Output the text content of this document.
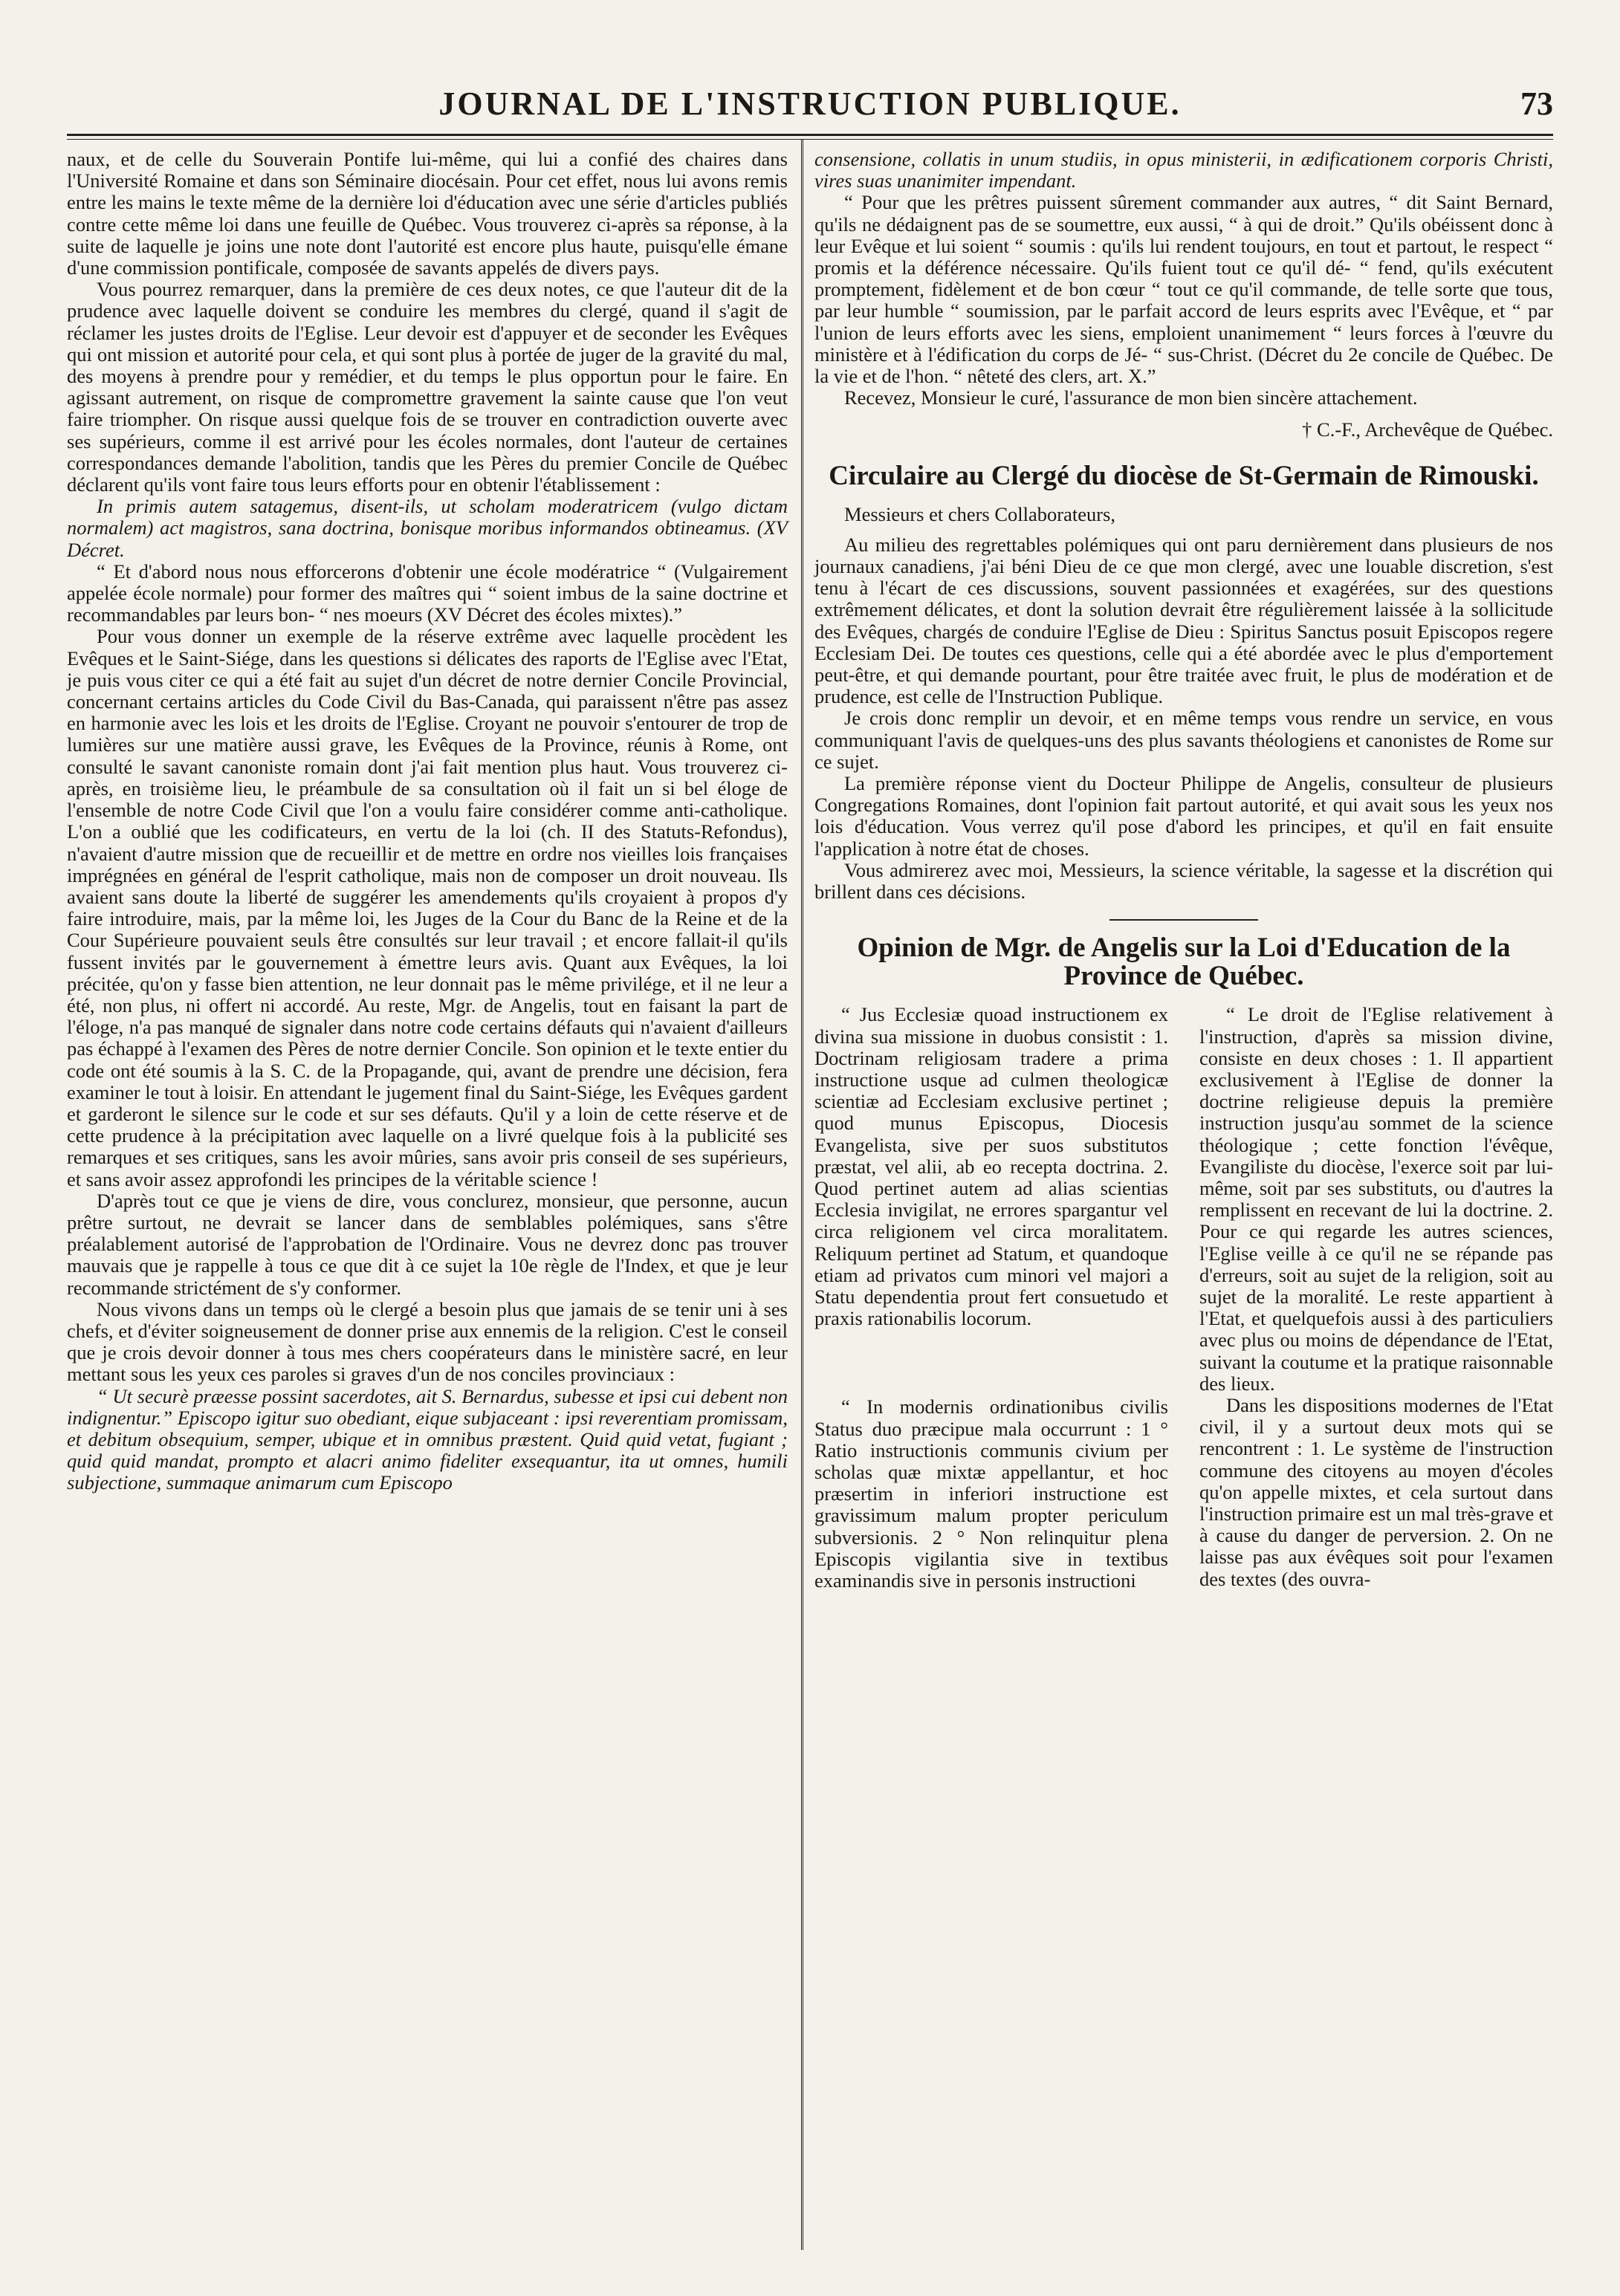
JOURNAL DE L'INSTRUCTION PUBLIQUE.	73

naux, et de celle du Souverain Pontife lui-même, qui lui a confié des chaires dans l'Université Romaine et dans son Séminaire diocésain. Pour cet effet, nous lui avons remis entre les mains le texte même de la dernière loi d'éducation avec une série d'articles publiés contre cette même loi dans une feuille de Québec. Vous trouverez ci-après sa réponse, à la suite de laquelle je joins une note dont l'autorité est encore plus haute, puisqu'elle émane d'une commission pontificale, composée de savants appelés de divers pays.

Vous pourrez remarquer, dans la première de ces deux notes, ce que l'auteur dit de la prudence avec laquelle doivent se conduire les membres du clergé, quand il s'agit de réclamer les justes droits de l'Eglise. Leur devoir est d'appuyer et de seconder les Evêques qui ont mission et autorité pour cela, et qui sont plus à portée de juger de la gravité du mal, des moyens à prendre pour y remédier, et du temps le plus opportun pour le faire. En agissant autrement, on risque de compromettre gravement la sainte cause que l'on veut faire triompher. On risque aussi quelque fois de se trouver en contradiction ouverte avec ses supérieurs, comme il est arrivé pour les écoles normales, dont l'auteur de certaines correspondances demande l'abolition, tandis que les Pères du premier Concile de Québec déclarent qu'ils vont faire tous leurs efforts pour en obtenir l'établissement :

In primis autem satagemus, disent-ils, ut scholam moderatricem (vulgo dictam normalem) act magistros, sana doctrina, bonisque moribus informandos obtineamus. (XV Décret.

“ Et d'abord nous nous efforcerons d'obtenir une école modératrice “ (Vulgairement appelée école normale) pour former des maîtres qui “ soient imbus de la saine doctrine et recommandables par leurs bon- “ nes moeurs (XV Décret des écoles mixtes).”

Pour vous donner un exemple de la réserve extrême avec laquelle procèdent les Evêques et le Saint-Siége, dans les questions si délicates des raports de l'Eglise avec l'Etat, je puis vous citer ce qui a été fait au sujet d'un décret de notre dernier Concile Provincial, concernant certains articles du Code Civil du Bas-Canada, qui paraissent n'être pas assez en harmonie avec les lois et les droits de l'Eglise. Croyant ne pouvoir s'entourer de trop de lumières sur une matière aussi grave, les Evêques de la Province, réunis à Rome, ont consulté le savant canoniste romain dont j'ai fait mention plus haut. Vous trouverez ci-après, en troisième lieu, le préambule de sa consultation où il fait un si bel éloge de l'ensemble de notre Code Civil que l'on a voulu faire considérer comme anti-catholique. L'on a oublié que les codificateurs, en vertu de la loi (ch. II des Statuts-Refondus), n'avaient d'autre mission que de recueillir et de mettre en ordre nos vieilles lois françaises imprégnées en général de l'esprit catholique, mais non de composer un droit nouveau. Ils avaient sans doute la liberté de suggérer les amendements qu'ils croyaient à propos d'y faire introduire, mais, par la même loi, les Juges de la Cour du Banc de la Reine et de la Cour Supérieure pouvaient seuls être consultés sur leur travail ; et encore fallait-il qu'ils fussent invités par le gouvernement à émettre leurs avis. Quant aux Evêques, la loi précitée, qu'on y fasse bien attention, ne leur donnait pas le même privilége, et il ne leur a été, non plus, ni offert ni accordé. Au reste, Mgr. de Angelis, tout en faisant la part de l'éloge, n'a pas manqué de signaler dans notre code certains défauts qui n'avaient d'ailleurs pas échappé à l'examen des Pères de notre dernier Concile. Son opinion et le texte entier du code ont été soumis à la S. C. de la Propagande, qui, avant de prendre une décision, fera examiner le tout à loisir. En attendant le jugement final du Saint-Siége, les Evêques gardent et garderont le silence sur le code et sur ses défauts. Qu'il y a loin de cette réserve et de cette prudence à la précipitation avec laquelle on a livré quelque fois à la publicité ses remarques et ses critiques, sans les avoir mûries, sans avoir pris conseil de ses supérieurs, et sans avoir assez approfondi les principes de la véritable science !

D'après tout ce que je viens de dire, vous conclurez, monsieur, que personne, aucun prêtre surtout, ne devrait se lancer dans de semblables polémiques, sans s'être préalablement autorisé de l'approbation de l'Ordinaire. Vous ne devrez donc pas trouver mauvais que je rappelle à tous ce que dit à ce sujet la 10e règle de l'Index, et que je leur recommande strictément de s'y conformer.

Nous vivons dans un temps où le clergé a besoin plus que jamais de se tenir uni à ses chefs, et d'éviter soigneusement de donner prise aux ennemis de la religion. C'est le conseil que je crois devoir donner à tous mes chers coopérateurs dans le ministère sacré, en leur mettant sous les yeux ces paroles si graves d'un de nos conciles provinciaux :

“ Ut securè præesse possint sacerdotes, ait S. Bernardus, subesse et ipsi cui debent non indignentur.” Episcopo igitur suo obediant, eique subjaceant : ipsi reverentiam promissam, et debitum obsequium, semper, ubique et in omnibus præstent. Quid quid vetat, fugiant ; quid quid mandat, prompto et alacri animo fideliter exsequantur, ita ut omnes, humili subjectione, summaque animarum cum Episcopo

consensione, collatis in unum studiis, in opus ministerii, in ædificationem corporis Christi, vires suas unanimiter impendant.

“ Pour que les prêtres puissent sûrement commander aux autres, “ dit Saint Bernard, qu'ils ne dédaignent pas de se soumettre, eux aussi, “ à qui de droit.” Qu'ils obéissent donc à leur Evêque et lui soient “ soumis : qu'ils lui rendent toujours, en tout et partout, le respect “ promis et la déférence nécessaire. Qu'ils fuient tout ce qu'il dé- “ fend, qu'ils exécutent promptement, fidèlement et de bon cœur “ tout ce qu'il commande, de telle sorte que tous, par leur humble “ soumission, par le parfait accord de leurs esprits avec l'Evêque, et “ par l'union de leurs efforts avec les siens, emploient unanimement “ leurs forces à l'œuvre du ministère et à l'édification du corps de Jé- “ sus-Christ. (Décret du 2e concile de Québec. De la vie et de l'hon. “ nêteté des clers, art. X.”

Recevez, Monsieur le curé, l'assurance de mon bien sincère attachement.

† C.-F., Archevêque de Québec.

Circulaire au Clergé du diocèse de St-Germain de Rimouski.

Messieurs et chers Collaborateurs,

Au milieu des regrettables polémiques qui ont paru dernièrement dans plusieurs de nos journaux canadiens, j'ai béni Dieu de ce que mon clergé, avec une louable discretion, s'est tenu à l'écart de ces discussions, souvent passionnées et exagérées, sur des questions extrêmement délicates, et dont la solution devrait être régulièrement laissée à la sollicitude des Evêques, chargés de conduire l'Eglise de Dieu : Spiritus Sanctus posuit Episcopos regere Ecclesiam Dei. De toutes ces questions, celle qui a été abordée avec le plus d'emportement peut-être, et qui demande pourtant, pour être traitée avec fruit, le plus de modération et de prudence, est celle de l'Instruction Publique.

Je crois donc remplir un devoir, et en même temps vous rendre un service, en vous communiquant l'avis de quelques-uns des plus savants théologiens et canonistes de Rome sur ce sujet.

La première réponse vient du Docteur Philippe de Angelis, consulteur de plusieurs Congregations Romaines, dont l'opinion fait partout autorité, et qui avait sous les yeux nos lois d'éducation. Vous verrez qu'il pose d'abord les principes, et qu'il en fait ensuite l'application à notre état de choses.

Vous admirerez avec moi, Messieurs, la science véritable, la sagesse et la discrétion qui brillent dans ces décisions.

Opinion de Mgr. de Angelis sur la Loi d'Education de la Province de Québec.

“ Jus Ecclesiæ quoad instructionem ex divina sua missione in duobus consistit : 1. Doctrinam religiosam tradere a prima instructione usque ad culmen theologicæ scientiæ ad Ecclesiam exclusive pertinet ; quod munus Episcopus, Diocesis Evangelista, sive per suos substitutos præstat, vel alii, ab eo recepta doctrina. 2. Quod pertinet autem ad alias scientias Ecclesia invigilat, ne errores spargantur vel circa religionem vel circa moralitatem. Reliquum pertinet ad Statum, et quandoque etiam ad privatos cum minori vel majori a Statu dependentia prout fert consuetudo et praxis rationabilis locorum.

“ In modernis ordinationibus civilis Status duo præcipue mala occurrunt : 1 ° Ratio instructionis communis civium per scholas quæ mixtæ appellantur, et hoc præsertim in inferiori instructione est gravissimum malum propter periculum subversionis. 2 ° Non relinquitur plena Episcopis vigilantia sive in textibus examinandis sive in personis instructioni

“ Le droit de l'Eglise relativement à l'instruction, d'après sa mission divine, consiste en deux choses : 1. Il appartient exclusivement à l'Eglise de donner la doctrine religieuse depuis la première instruction jusqu'au sommet de la science théologique ; cette fonction l'évêque, Evangiliste du diocèse, l'exerce soit par lui-même, soit par ses substituts, ou d'autres la remplissent en recevant de lui la doctrine. 2. Pour ce qui regarde les autres sciences, l'Eglise veille à ce qu'il ne se répande pas d'erreurs, soit au sujet de la religion, soit au sujet de la moralité. Le reste appartient à l'Etat, et quelquefois aussi à des particuliers avec plus ou moins de dépendance de l'Etat, suivant la coutume et la pratique raisonnable des lieux.

Dans les dispositions modernes de l'Etat civil, il y a surtout deux mots qui se rencontrent : 1. Le système de l'instruction commune des citoyens au moyen d'écoles qu'on appelle mixtes, et cela surtout dans l'instruction primaire est un mal très-grave et à cause du danger de perversion. 2. On ne laisse pas aux évêques soit pour l'examen des textes (des ouvra-
